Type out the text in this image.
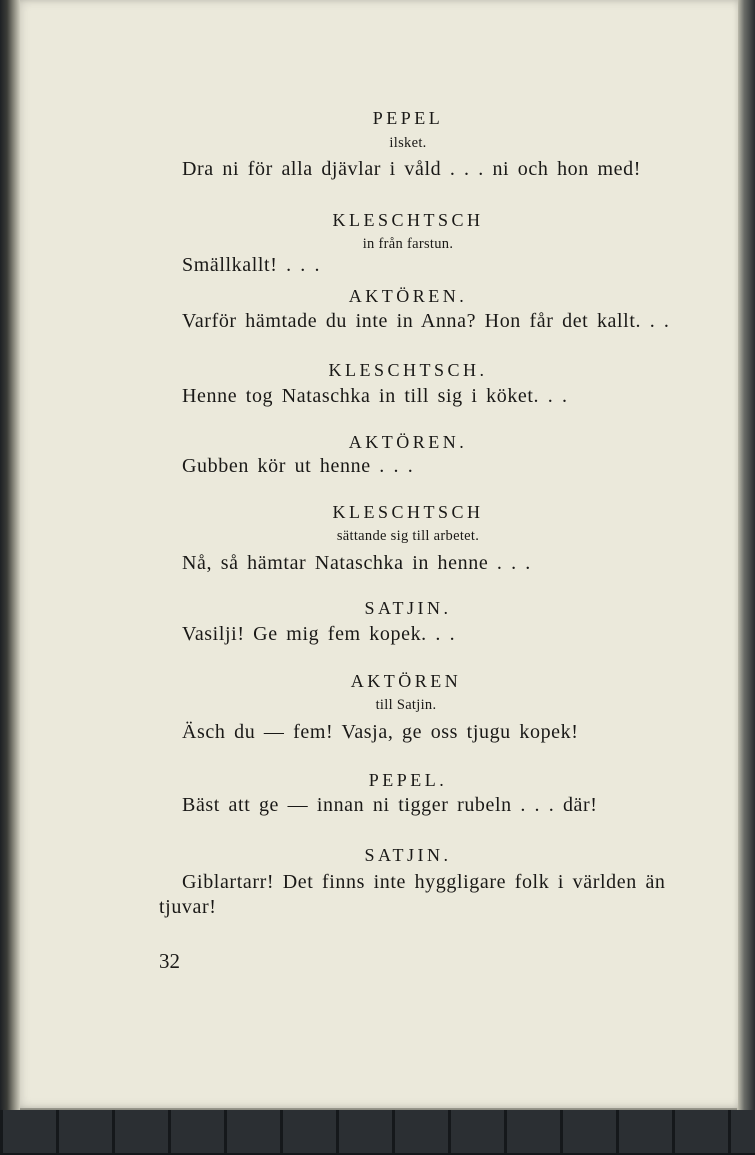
PEPEL
ilsket.
Dra ni för alla djävlar i våld . . . ni och hon med!
KLESCHTSCH
in från farstun.
Smällkallt! . . .
AKTÖREN.
Varför hämtade du inte in Anna? Hon får det kallt. . .
KLESCHTSCH.
Henne tog Nataschka in till sig i köket. . .
AKTÖREN.
Gubben kör ut henne . . .
KLESCHTSCH
sättande sig till arbetet.
Nå, så hämtar Nataschka in henne . . .
SATJIN.
Vasilji! Ge mig fem kopek. . .
AKTÖREN
till Satjin.
Äsch du — fem! Vasja, ge oss tjugu kopek!
PEPEL.
Bäst att ge — innan ni tigger rubeln . . . där!
SATJIN.
Giblartarr! Det finns inte hyggligare folk i världen än
tjuvar!
32
